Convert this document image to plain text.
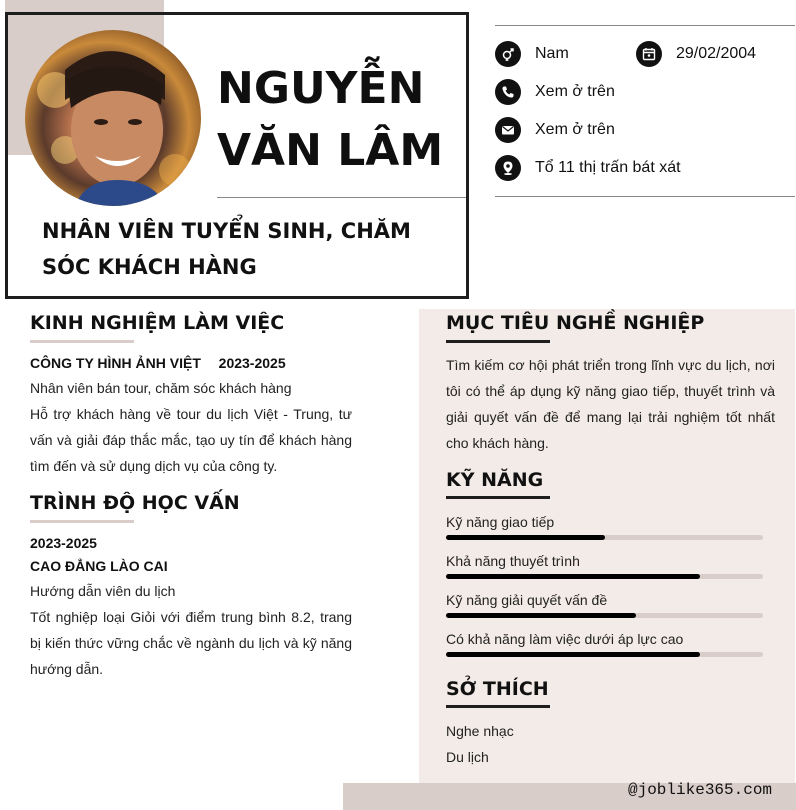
NGUYỄN
VĂN LÂM
NHÂN VIÊN TUYỂN SINH, CHĂM SÓC KHÁCH HÀNG
Nam	29/02/2004
Xem ở trên
Xem ở trên
Tổ 11 thị trấn bát xát
@joblike365.com
KINH NGHIỆM LÀM VIỆC
CÔNG TY HÌNH ẢNH VIỆT 2023-2025
Nhân viên bán tour, chăm sóc khách hàng
Hỗ trợ khách hàng về tour du lịch Việt - Trung, tư vấn và giải đáp thắc mắc, tạo uy tín để khách hàng tìm đến và sử dụng dịch vụ của công ty.
TRÌNH ĐỘ HỌC VẤN
2023-2025
CAO ĐẲNG LÀO CAI
Hướng dẫn viên du lịch
Tốt nghiệp loại Giỏi với điểm trung bình 8.2, trang bị kiến thức vững chắc về ngành du lịch và kỹ năng hướng dẫn.
MỤC TIÊU NGHỀ NGHIỆP
Tìm kiếm cơ hội phát triển trong lĩnh vực du lịch, nơi tôi có thể áp dụng kỹ năng giao tiếp, thuyết trình và giải quyết vấn đề để mang lại trải nghiệm tốt nhất cho khách hàng.
KỸ NĂNG
Kỹ năng giao tiếp
Khả năng thuyết trình
Kỹ năng giải quyết vấn đề
Có khả năng làm việc dưới áp lực cao
SỞ THÍCH
Nghe nhạc
Du lịch
